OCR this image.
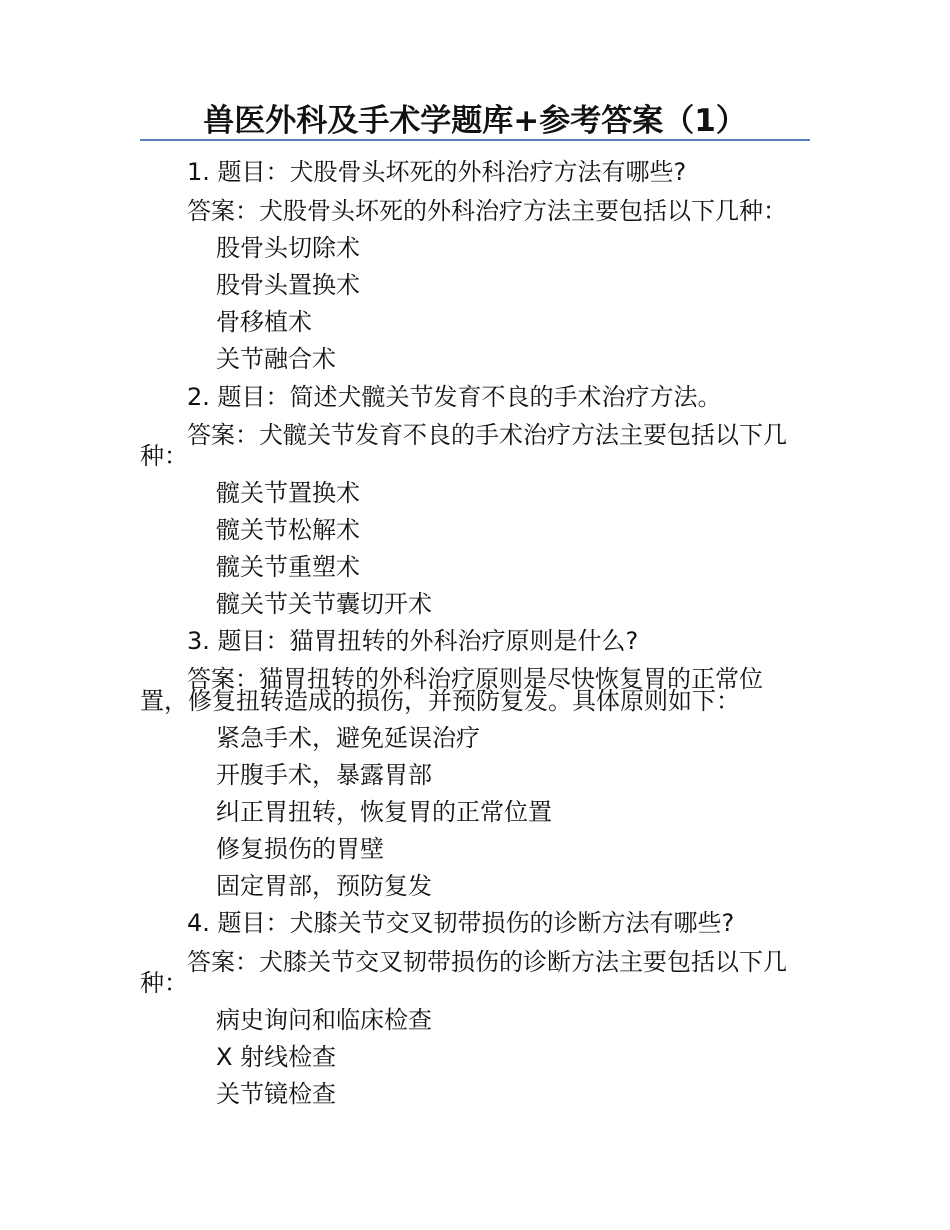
兽医外科及手术学题库+参考答案（1）
1. 题目：犬股骨头坏死的外科治疗方法有哪些?
答案：犬股骨头坏死的外科治疗方法主要包括以下几种：
股骨头切除术
股骨头置换术
骨移植术
关节融合术
2. 题目：简述犬髋关节发育不良的手术治疗方法。
答案：犬髋关节发育不良的手术治疗方法主要包括以下几
种：
髋关节置换术
髋关节松解术
髋关节重塑术
髋关节关节囊切开术
3. 题目：猫胃扭转的外科治疗原则是什么?
答案：猫胃扭转的外科治疗原则是尽快恢复胃的正常位
置，修复扭转造成的损伤，并预防复发。具体原则如下：
紧急手术，避免延误治疗
开腹手术，暴露胃部
纠正胃扭转，恢复胃的正常位置
修复损伤的胃壁
固定胃部，预防复发
4. 题目：犬膝关节交叉韧带损伤的诊断方法有哪些?
答案：犬膝关节交叉韧带损伤的诊断方法主要包括以下几
种：
病史询问和临床检查
X 射线检查
关节镜检查
